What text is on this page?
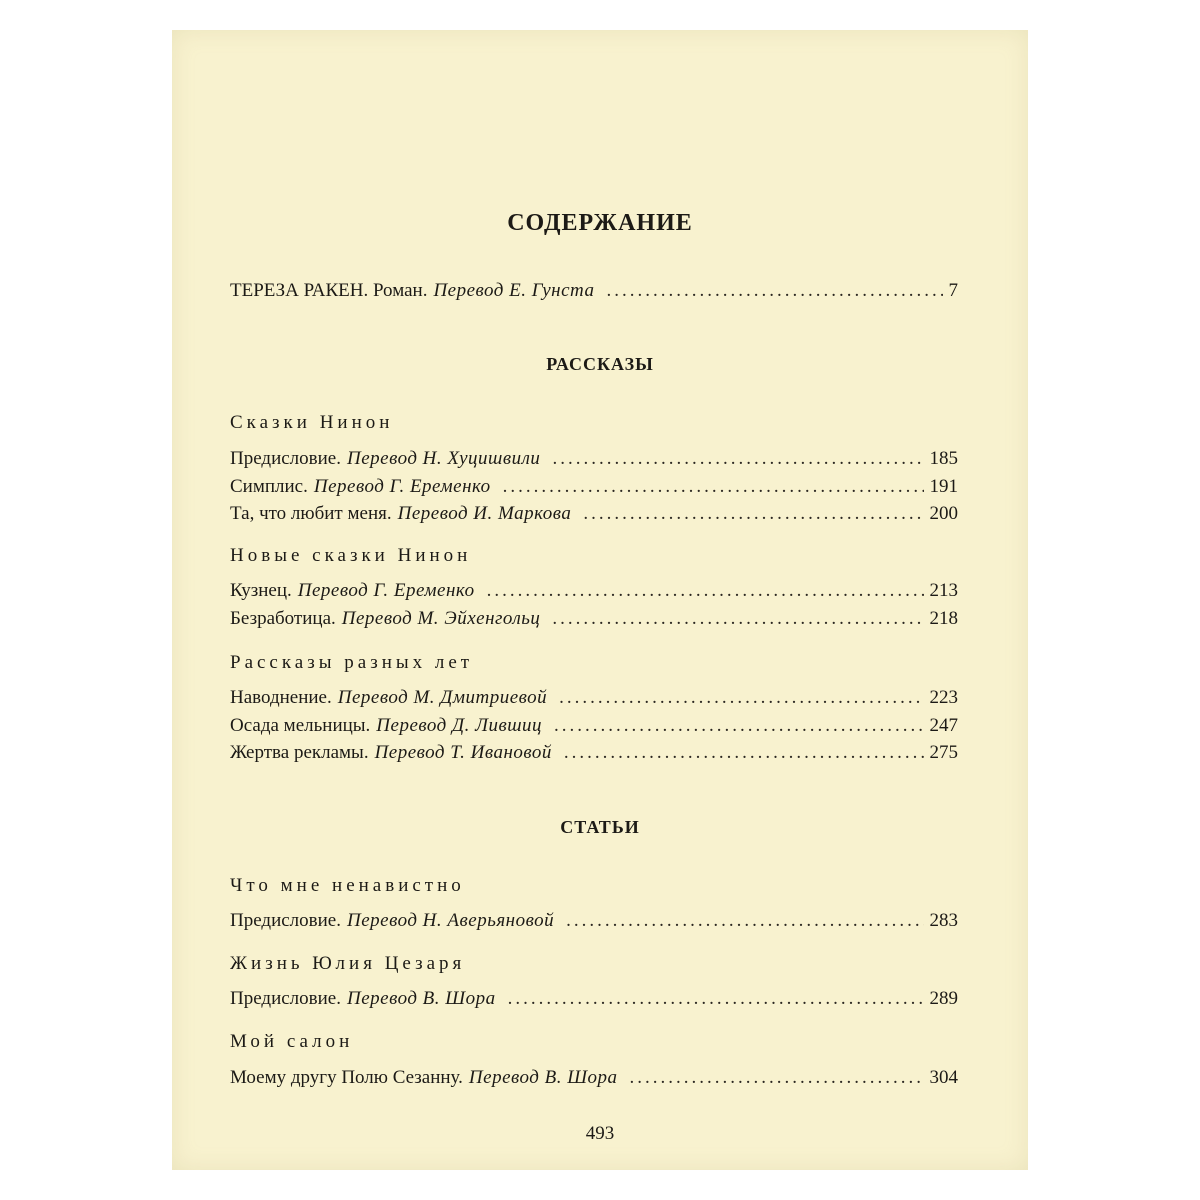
СОДЕРЖАНИЕ
ТЕРЕЗА РАКЕН. Роман. Перевод Е. Гунста .....	7
РАССКАЗЫ
Сказки Нинон
Предисловие. Перевод Н. Хуцишвили .....	185
Симплис. Перевод Г. Еременко .....	191
Та, что любит меня. Перевод И. Маркова .....	200
Новые сказки Нинон
Кузнец. Перевод Г. Еременко .....	213
Безработица. Перевод М. Эйхенгольц .....	218
Рассказы разных лет
Наводнение. Перевод М. Дмитриевой .....	223
Осада мельницы. Перевод Д. Лившиц .....	247
Жертва рекламы. Перевод Т. Ивановой .....	275
СТАТЬИ
Что мне ненавистно
Предисловие. Перевод Н. Аверьяновой .....	283
Жизнь Юлия Цезаря
Предисловие. Перевод В. Шора .....	289
Мой салон
Моему другу Полю Сезанну. Перевод В. Шора .....	304
493
